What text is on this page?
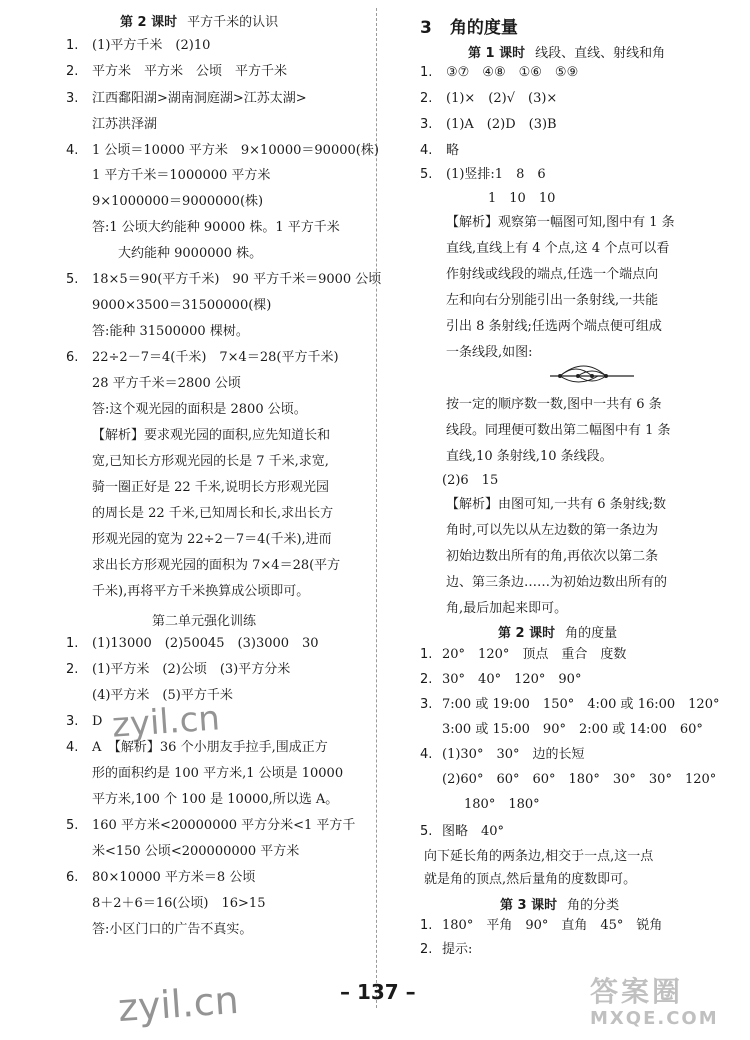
第 2 课时 平方千米的认识
1. (1)平方千米　(2)10
2. 平方米　平方米　公顷　平方千米
3. 江西鄱阳湖>湖南洞庭湖>江苏太湖>
江苏洪泽湖
4. 1 公顷＝10000 平方米　9×10000＝90000(株)
1 平方千米＝1000000 平方米
9×1000000＝9000000(株)
答:1 公顷大约能种 90000 株。1 平方千米
大约能种 9000000 株。
5. 18×5＝90(平方千米)　90 平方千米＝9000 公顷
9000×3500＝31500000(棵)
答:能种 31500000 棵树。
6. 22÷2－7＝4(千米)　7×4＝28(平方千米)
28 平方千米＝2800 公顷
答:这个观光园的面积是 2800 公顷。
【解析】要求观光园的面积,应先知道长和
宽,已知长方形观光园的长是 7 千米,求宽,
骑一圈正好是 22 千米,说明长方形观光园
的周长是 22 千米,已知周长和长,求出长方
形观光园的宽为 22÷2－7＝4(千米),进而
求出长方形观光园的面积为 7×4＝28(平方
千米),再将平方千米换算成公顷即可。
第二单元强化训练
1. (1)13000　(2)50045　(3)3000　30
2. (1)平方米　(2)公顷　(3)平方分米
(4)平方米　(5)平方千米
3. D
4. A　【解析】36 个小朋友手拉手,围成正方
形的面积约是 100 平方米,1 公顷是 10000
平方米,100 个 100 是 10000,所以选 A。
5. 160 平方米<20000000 平方分米<1 平方千
米<150 公顷<200000000 平方米
6. 80×10000 平方米＝8 公顷
8＋2＋6＝16(公顷)　16>15
答:小区门口的广告不真实。
3 角的度量
第 1 课时 线段、直线、射线和角
1. ③⑦　④⑧　①⑥　⑤⑨
2. (1)×　(2)√　(3)×
3. (1)A　(2)D　(3)B
4. 略
5. (1)竖排:1　8　6
1　10　10
【解析】观察第一幅图可知,图中有 1 条
直线,直线上有 4 个点,这 4 个点可以看
作射线或线段的端点,任选一个端点向
左和向右分别能引出一条射线,一共能
引出 8 条射线;任选两个端点便可组成
一条线段,如图:
按一定的顺序数一数,图中一共有 6 条
线段。同理便可数出第二幅图中有 1 条
直线,10 条射线,10 条线段。
(2)6　15
【解析】由图可知,一共有 6 条射线;数
角时,可以先以从左边数的第一条边为
初始边数出所有的角,再依次以第二条
边、第三条边……为初始边数出所有的
角,最后加起来即可。
第 2 课时 角的度量
1. 20°　120°　顶点　重合　度数
2. 30°　40°　120°　90°
3. 7:00 或 19:00　150°　4:00 或 16:00　120°
3:00 或 15:00　90°　2:00 或 14:00　60°
4. (1)30°　30°　边的长短
(2)60°　60°　60°　180°　30°　30°　120°
180°　180°
5. 图略　40°
向下延长角的两条边,相交于一点,这一点
就是角的顶点,然后量角的度数即可。
第 3 课时 角的分类
1. 180°　平角　90°　直角　45°　锐角
2. 提示:
zyil.cn
zyil.cn	答案圈
MXQE.COM
– 137 –
